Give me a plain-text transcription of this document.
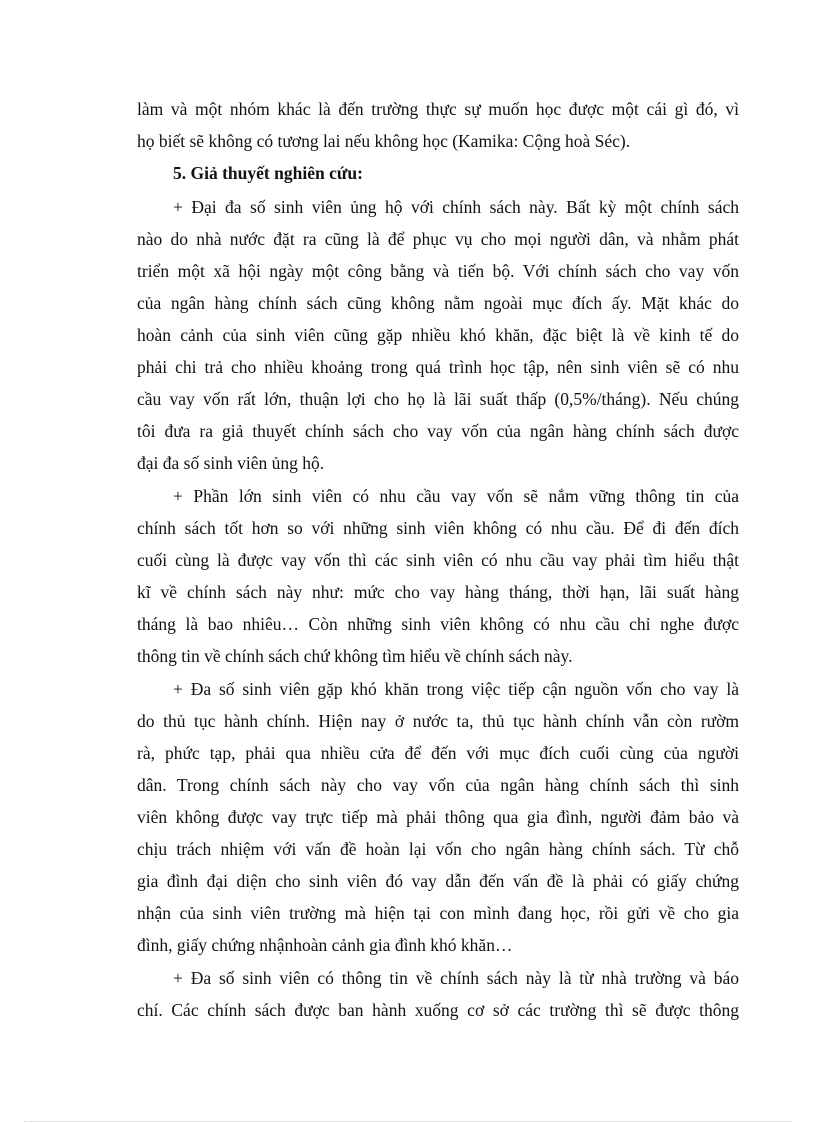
làm và một nhóm khác là đến trường thực sự muốn học được một cái gì đó, vì
họ biết sẽ không có tương lai nếu không học (Kamika: Cộng hoà Séc).
5. Giả thuyết nghiên cứu:
+ Đại đa số sinh viên ủng hộ với chính sách này. Bất kỳ một chính sách
nào do nhà nước đặt ra cũng là để phục vụ cho mọi người dân, và nhằm phát
triển một xã hội ngày một công bằng và tiến bộ. Với chính sách cho vay vốn
của ngân hàng chính sách cũng không nằm ngoài mục đích ấy. Mặt khác do
hoàn cảnh của sinh viên cũng gặp nhiều khó khăn, đặc biệt là về kinh tế do
phải chi trả cho nhiều khoảng trong quá trình học tập, nên sinh viên sẽ có nhu
cầu vay vốn rất lớn, thuận lợi cho họ là lãi suất thấp (0,5%/tháng). Nếu chúng
tôi đưa ra giả thuyết chính sách cho vay vốn của ngân hàng chính sách được
đại đa số sinh viên ủng hộ.
+ Phần lớn sinh viên có nhu cầu vay vốn sẽ nắm vững thông tin của
chính sách tốt hơn so với những sinh viên không có nhu cầu. Để đi đến đích
cuối cùng là được vay vốn thì các sinh viên có nhu cầu vay phải tìm hiểu thật
kĩ về chính sách này như: mức cho vay hàng tháng, thời hạn, lãi suất hàng
tháng là bao nhiêu… Còn những sinh viên không có nhu cầu chỉ nghe được
thông tin về chính sách chứ không tìm hiểu về chính sách này.
+ Đa số sinh viên gặp khó khăn trong việc tiếp cận nguồn vốn cho vay là
do thủ tục hành chính. Hiện nay ở nước ta, thủ tục hành chính vẫn còn rườm
rà, phức tạp, phải qua nhiều cửa để đến với mục đích cuối cùng của người
dân. Trong chính sách này cho vay vốn của ngân hàng chính sách thì sinh
viên không được vay trực tiếp mà phải thông qua gia đình, người đảm bảo và
chịu trách nhiệm với vấn đề hoàn lại vốn cho ngân hàng chính sách. Từ chỗ
gia đình đại diện cho sinh viên đó vay dẫn đến vấn đề là phải có giấy chứng
nhận của sinh viên trường mà hiện tại con mình đang học, rồi gửi về cho gia
đình, giấy chứng nhậnhoàn cảnh gia đình khó khăn…
+ Đa số sinh viên có thông tin về chính sách này là từ nhà trường và báo
chí. Các chính sách được ban hành xuống cơ sở các trường thì sẽ được thông
